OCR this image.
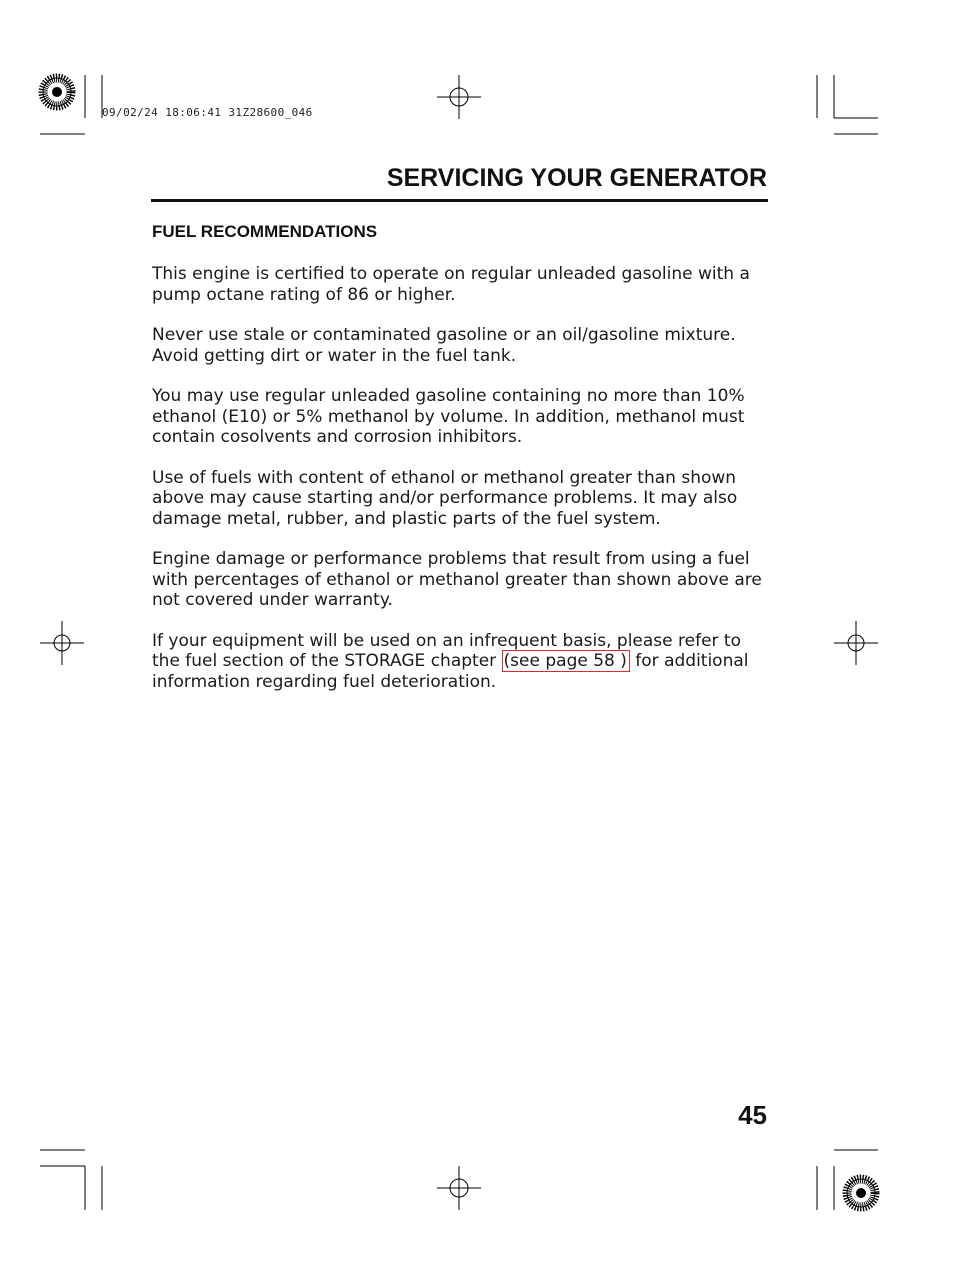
09/02/24 18:06:41 31Z28600_046
SERVICING YOUR GENERATOR
FUEL RECOMMENDATIONS

This engine is certified to operate on regular unleaded gasoline with a pump octane rating of 86 or higher.

Never use stale or contaminated gasoline or an oil/gasoline mixture. Avoid getting dirt or water in the fuel tank.

You may use regular unleaded gasoline containing no more than 10% ethanol (E10) or 5% methanol by volume. In addition, methanol must contain cosolvents and corrosion inhibitors.

Use of fuels with content of ethanol or methanol greater than shown above may cause starting and/or performance problems. It may also damage metal, rubber, and plastic parts of the fuel system.

Engine damage or performance problems that result from using a fuel with percentages of ethanol or methanol greater than shown above are not covered under warranty.

If your equipment will be used on an infrequent basis, please refer to the fuel section of the STORAGE chapter (see page 58 ) for additional information regarding fuel deterioration.

45
